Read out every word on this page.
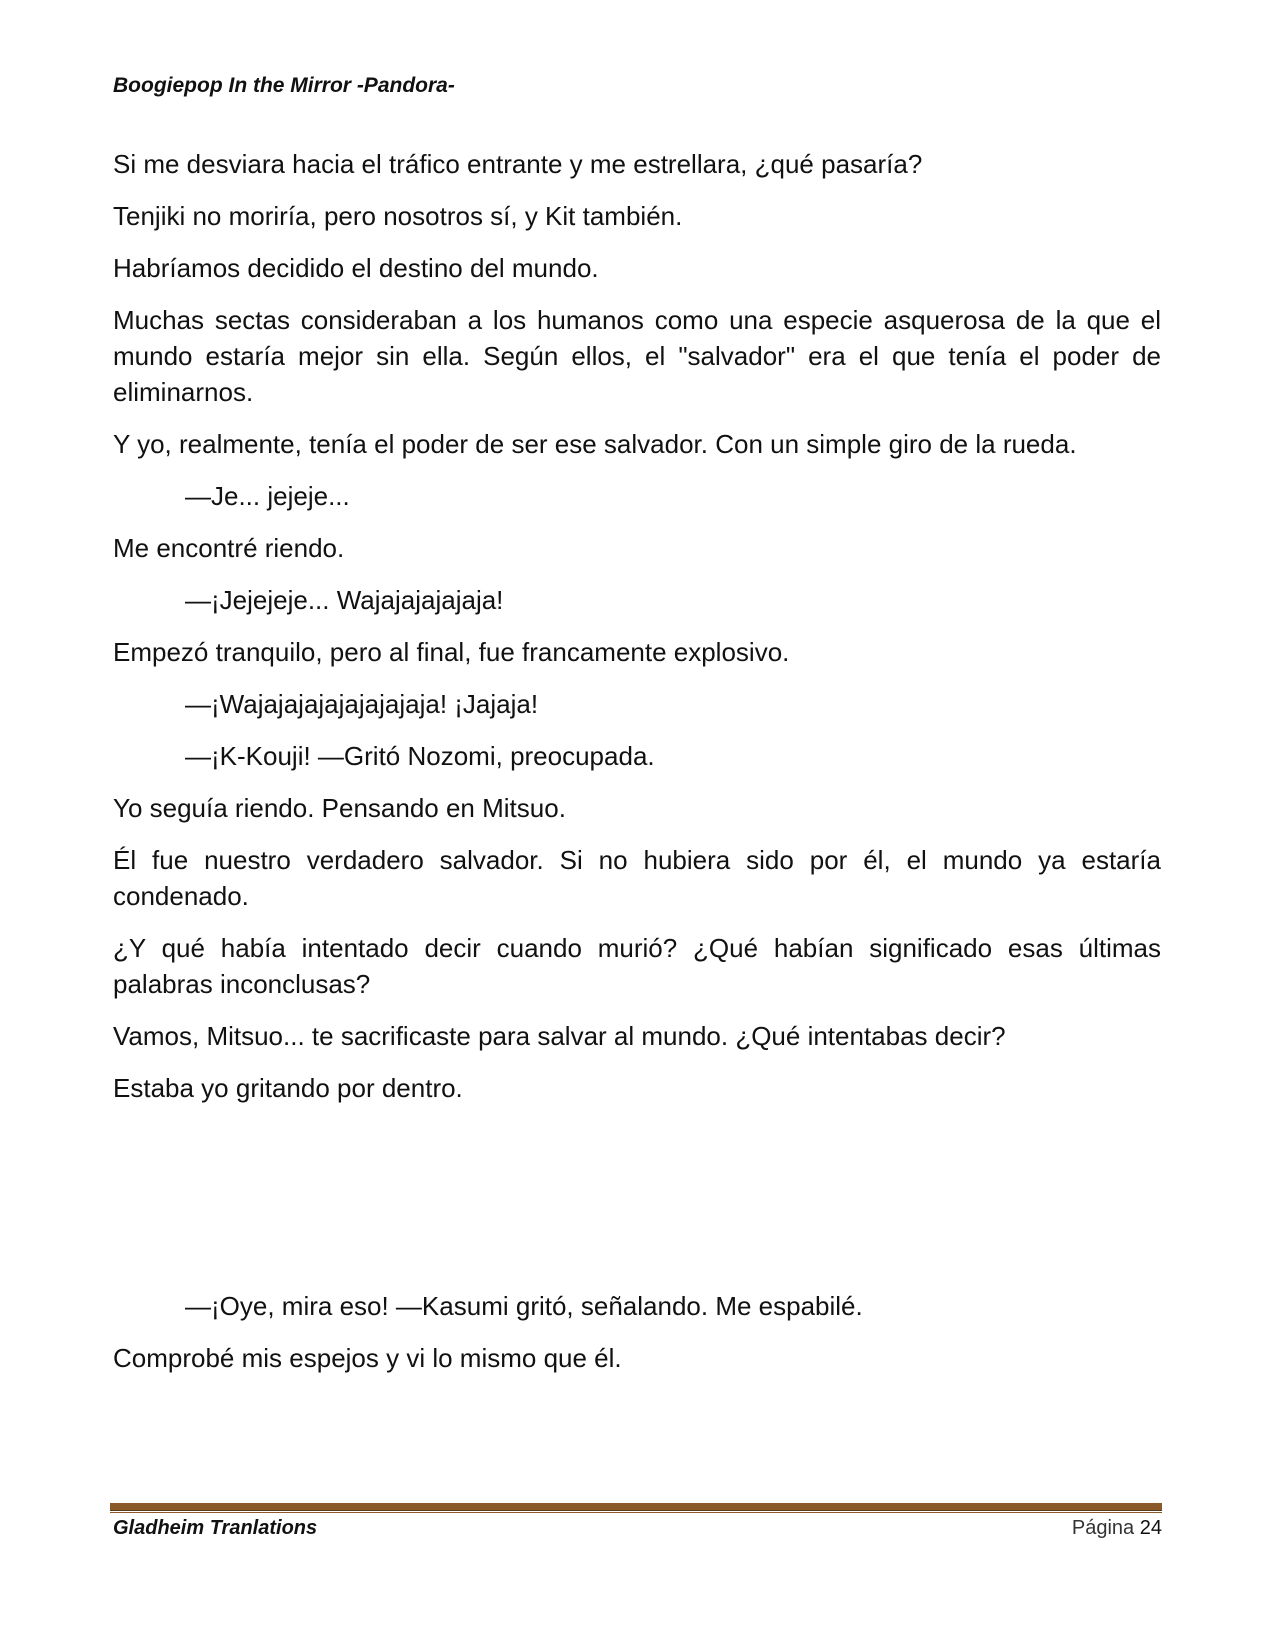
Boogiepop In the Mirror -Pandora-

Si me desviara hacia el tráfico entrante y me estrellara, ¿qué pasaría?

Tenjiki no moriría, pero nosotros sí, y Kit también.

Habríamos decidido el destino del mundo.

Muchas sectas consideraban a los humanos como una especie asquerosa de la que el mundo estaría mejor sin ella. Según ellos, el "salvador" era el que tenía el poder de eliminarnos.

Y yo, realmente, tenía el poder de ser ese salvador. Con un simple giro de la rueda.

—Je... jejeje...

Me encontré riendo.

—¡Jejejeje... Wajajajajajaja!

Empezó tranquilo, pero al final, fue francamente explosivo.

—¡Wajajajajajajajajaja! ¡Jajaja!

—¡K-Kouji! —Gritó Nozomi, preocupada.

Yo seguía riendo. Pensando en Mitsuo.

Él fue nuestro verdadero salvador. Si no hubiera sido por él, el mundo ya estaría condenado.

¿Y qué había intentado decir cuando murió? ¿Qué habían significado esas últimas palabras inconclusas?

Vamos, Mitsuo... te sacrificaste para salvar al mundo. ¿Qué intentabas decir?

Estaba yo gritando por dentro.

—¡Oye, mira eso! —Kasumi gritó, señalando. Me espabilé.

Comprobé mis espejos y vi lo mismo que él.

Gladheim Tranlations	Página 24
